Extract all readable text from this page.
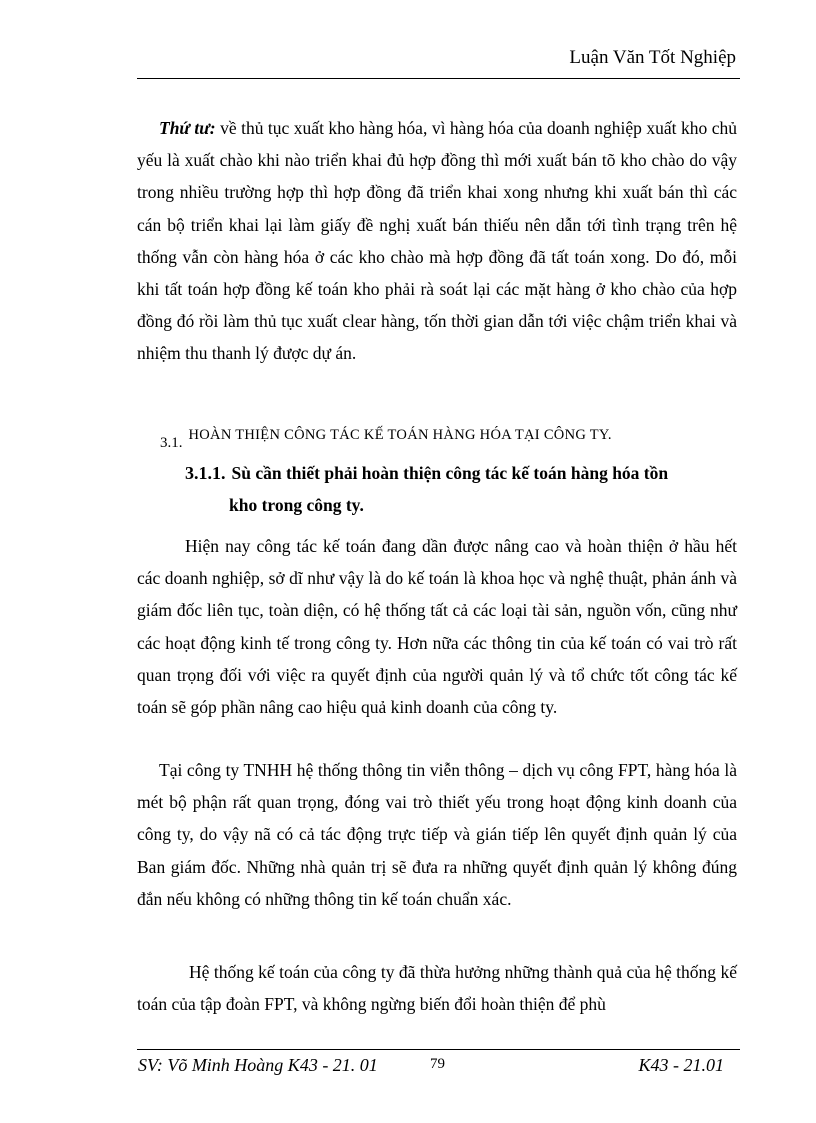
Luận Văn Tốt Nghiệp
Thứ tư: về thủ tục xuất kho hàng hóa, vì hàng hóa của doanh nghiệp xuất kho chủ yếu là xuất chào khi nào triển khai đủ hợp đồng thì mới xuất bán tõ kho chào do vậy trong nhiều trường hợp thì hợp đồng đã triển khai xong nhưng khi xuất bán thì các cán bộ triển khai lại làm giấy đề nghị xuất bán thiếu nên dẫn tới tình trạng trên hệ thống vẫn còn hàng hóa ở các kho chào mà hợp đồng đã tất toán xong. Do đó, mỗi khi tất toán hợp đồng kế toán kho phải rà soát lại các mặt hàng ở kho chào của hợp đồng đó rồi làm thủ tục xuất clear hàng, tốn thời gian dẫn tới việc chậm triển khai và nhiệm thu thanh lý được dự án.
3.1. HOÀN THIỆN CÔNG TÁC KẾ TOÁN HÀNG HÓA TẠI CÔNG TY.
3.1.1. Sù cần thiết phải hoàn thiện công tác kế toán hàng hóa tồn
kho trong công ty.
Hiện nay công tác kế toán đang dần được nâng cao và hoàn thiện ở hầu hết các doanh nghiệp, sở dĩ như vậy là do kế toán là khoa học và nghệ thuật, phản ánh và giám đốc liên tục, toàn diện, có hệ thống tất cả các loại tài sản, nguồn vốn, cũng như các hoạt động kinh tế trong công ty. Hơn nữa các thông tin của kế toán có vai trò rất quan trọng đối với việc ra quyết định của người quản lý và tổ chức tốt công tác kế toán sẽ góp phần nâng cao hiệu quả kinh doanh của công ty.
Tại công ty TNHH hệ thống thông tin viễn thông – dịch vụ công FPT, hàng hóa là mét bộ phận rất quan trọng, đóng vai trò thiết yếu trong hoạt động kinh doanh của công ty, do vậy nã có cả tác động trực tiếp và gián tiếp lên quyết định quản lý của Ban giám đốc. Những nhà quản trị sẽ đưa ra những quyết định quản lý không đúng đắn nếu không có những thông tin kế toán chuẩn xác.
Hệ thống kế toán của công ty đã thừa hưởng những thành quả của hệ thống kế toán của tập đoàn FPT, và không ngừng biến đổi hoàn thiện để phù
SV: Võ Minh Hoàng K43 - 21. 01	79	K43 - 21.01
